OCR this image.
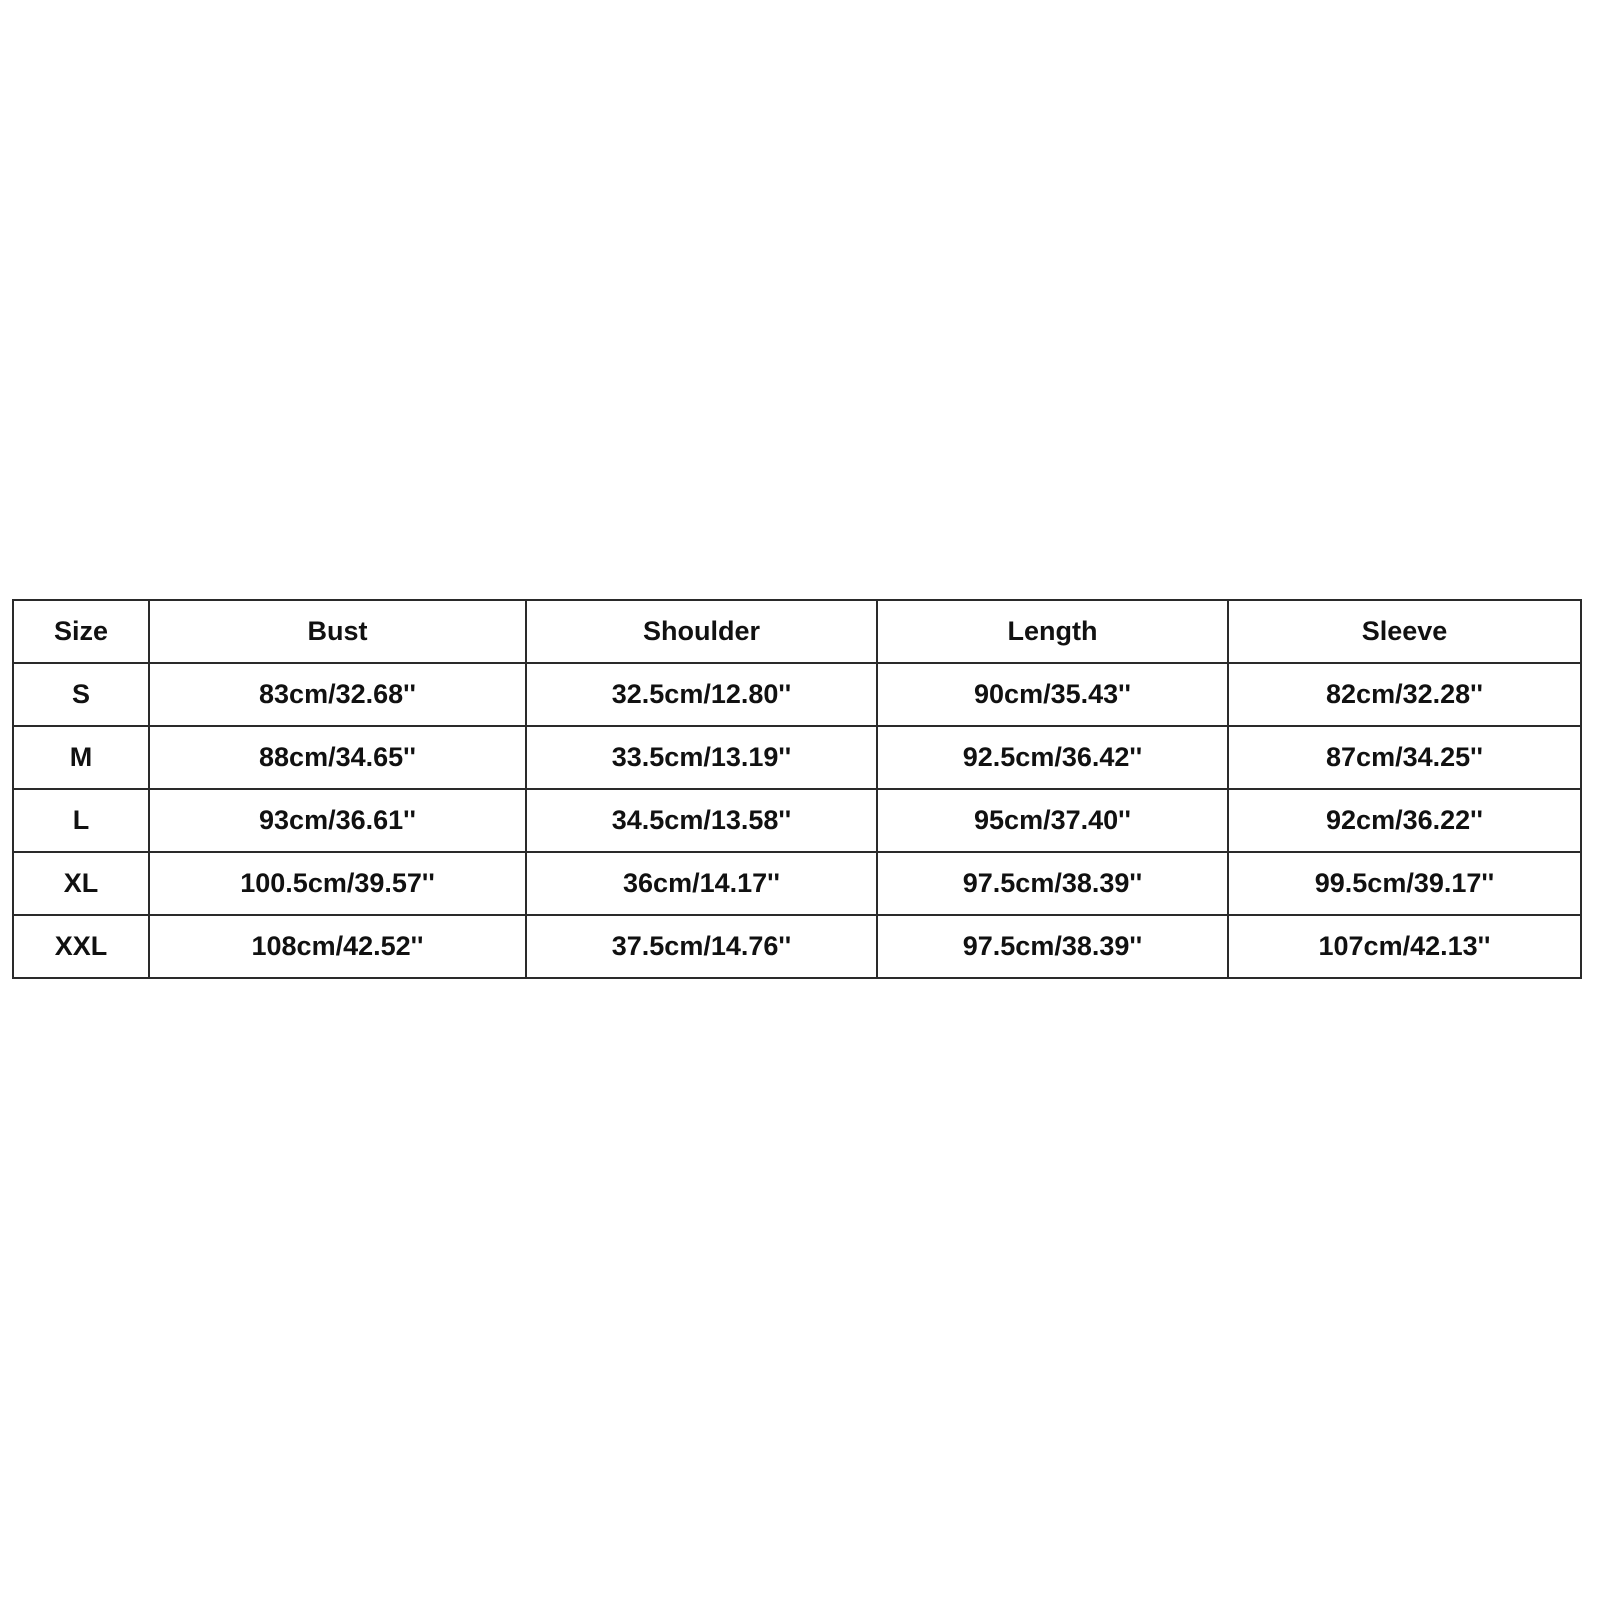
Size	Bust	Shoulder	Length	Sleeve
S	83cm/32.68''	32.5cm/12.80''	90cm/35.43''	82cm/32.28''
M	88cm/34.65''	33.5cm/13.19''	92.5cm/36.42''	87cm/34.25''
L	93cm/36.61''	34.5cm/13.58''	95cm/37.40''	92cm/36.22''
XL	100.5cm/39.57''	36cm/14.17''	97.5cm/38.39''	99.5cm/39.17''
XXL	108cm/42.52''	37.5cm/14.76''	97.5cm/38.39''	107cm/42.13''
